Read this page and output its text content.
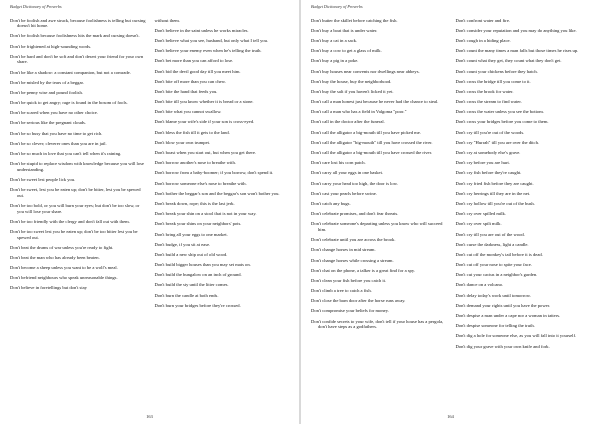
Budget Dictionary of Proverbs

Don't be foolish and awe struck, because foolishness is telling but cursing doesn't hit home.

Don't be foolish because foolishness hits the mark and cursing doesn't.

Don't be frightened at high-sounding words.

Don't be hard and don't be soft and don't desert your friend for your own share.

Don't be like a shadow: a constant companion, but not a comrade.

Don't be misled by the tears of a beggar.

Don't be penny wise and pound foolish.

Don't be quick to get angry; rage is found in the bosom of fools.

Don't be scared when you have no other choice.

Don't be serious like the pregnant clouds.

Don't be so busy that you have no time to get rich.

Don't be so clever; cleverer ones than you are in jail.

Don't be so much in love that you can't tell when it's raining.

Don't be stupid to replace wisdom with knowledge because you will lose understanding.

Don't be sweet lest people lick you.

Don't be sweet, lest you be eaten up; don't be bitter, lest you be spewed out.

Don't be too bold, or you will burn your eyes; but don't be too slow, or you will lose your share.

Don't be too friendly with the clergy and don't fall out with them.

Don't be too sweet lest you be eaten up; don't be too bitter lest you be spewed out.

Don't beat the drums of war unless you're ready to fight.

Don't beat the man who has already been beaten.

Don't become a sheep unless you want to be a wolf's meal.

Don't befriend neighbours who speak unreasonable things.

Don't believe in foretellings but don't stay

without them.

Don't believe in the saint unless he works miracles.

Don't believe what you see, husband, but only what I tell you.

Don't believe your enemy even when he's telling the truth.

Don't bet more than you can afford to lose.

Don't bid the devil good day till you meet him.

Don't bite off more than you can chew.

Don't bite the hand that feeds you.

Don't bite till you know whether it is bread or a stone.

Don't bite what you cannot swallow.

Don't blame your wife's side if your son is cross-eyed.

Don't bless the fish till it gets to the land.

Don't blow your own trumpet.

Don't boast when you start out, but when you get there.

Don't borrow another's nose to breathe with.

Don't borrow from a baby-boomer; if you borrow, don't spend it.

Don't borrow someone else's nose to breathe with.

Don't bother the beggar's son and the beggar's son won't bother you.

Don't break down, rope; this is the last jerk.

Don't break your shin on a stool that is not in your way.

Don't break your shins on your neighbors' pots.

Don't bring all your eggs to one market.

Don't budge, if you sit at ease.

Don't build a new ship out of old wood.

Don't build bigger houses than you may set mats on.

Don't build the bungalow on an inch of ground.

Don't build the sty until the litter comes.

Don't burn the candle at both ends.

Don't burn your bridges before they're crossed.

163
Budget Dictionary of Proverbs

Don't butter the skillet before catching the fish.

Don't buy a boat that is under water.

Don't buy a cat in a sack.

Don't buy a cow to get a glass of milk.

Don't buy a pig in a poke.

Don't buy houses near convents nor dwellings near abbeys.

Don't buy the house, buy the neighborhood.

Don't buy the salt if you haven't licked it yet.

Don't call a man honest just because he never had the chance to steal.

Don't call a man who has a field in Valgoma "poor."

Don't call in the doctor after the funeral.

Don't call the alligator a big-mouth till you have picked me.

Don't call the alligator "big-mouth" till you have crossed the river.

Don't call the alligator a big-mouth till you have crossed the river.

Don't care lost his corn patch.

Don't carry all your eggs in one basket.

Don't carry your head too high, the door is low.

Don't cast your pearls before swine.

Don't catch any bugs.

Don't celebrate promises, and don't fear threats.

Don't celebrate someone's departing unless you know who will succeed him.

Don't celebrate until you are across the brook.

Don't change horses in mid stream.

Don't change horses while crossing a stream.

Don't chat on the phone, a talker is a great find for a spy.

Don't clean your fish before you catch it.

Don't climb a tree to catch a fish.

Don't close the barn door after the horse runs away.

Don't compromise your beliefs for money.

Don't confide secrets to your wife, don't tell if your house has a pergola, don't have steps as a godfathers.

Don't confront water and fire.

Don't consider your reputation and you may do anything you like.

Don't cough in a hiding place.

Don't count the many times a man falls but those times he rises up.

Don't count what they get, they count what they don't get.

Don't count your chickens before they hatch.

Don't cross the bridge till you come to it.

Don't cross the brook for water.

Don't cross the stream to find water.

Don't cross the water unless you see the bottom.

Don't cross your bridges before you come to them.

Don't cry till you're out of the woods.

Don't cry "Hurrah" till you are over the ditch.

Don't cry at somebody else's grave.

Don't cry before you are hurt.

Don't cry fish before they're caught.

Don't cry fried fish before they are caught.

Don't cry herrings till they are in the net.

Don't cry hollow till you're out of the bush.

Don't cry over spilled milk.

Don't cry over spilt milk.

Don't cry till you are out of the wood.

Don't curse the darkness, light a candle.

Don't cut off the monkey's tail before it is dead.

Don't cut off your nose to spite your face.

Don't cut your cactus in a neighbor's garden.

Don't dance on a volcano.

Don't delay today's work until tomorrow.

Don't demand your rights until you have the power.

Don't despise a man under a cape nor a woman in tatters.

Don't despise someone for telling the truth.

Don't dig a hole for someone else, as you will fall into it yourself.

Don't dig your grave with your own knife and fork.

164
